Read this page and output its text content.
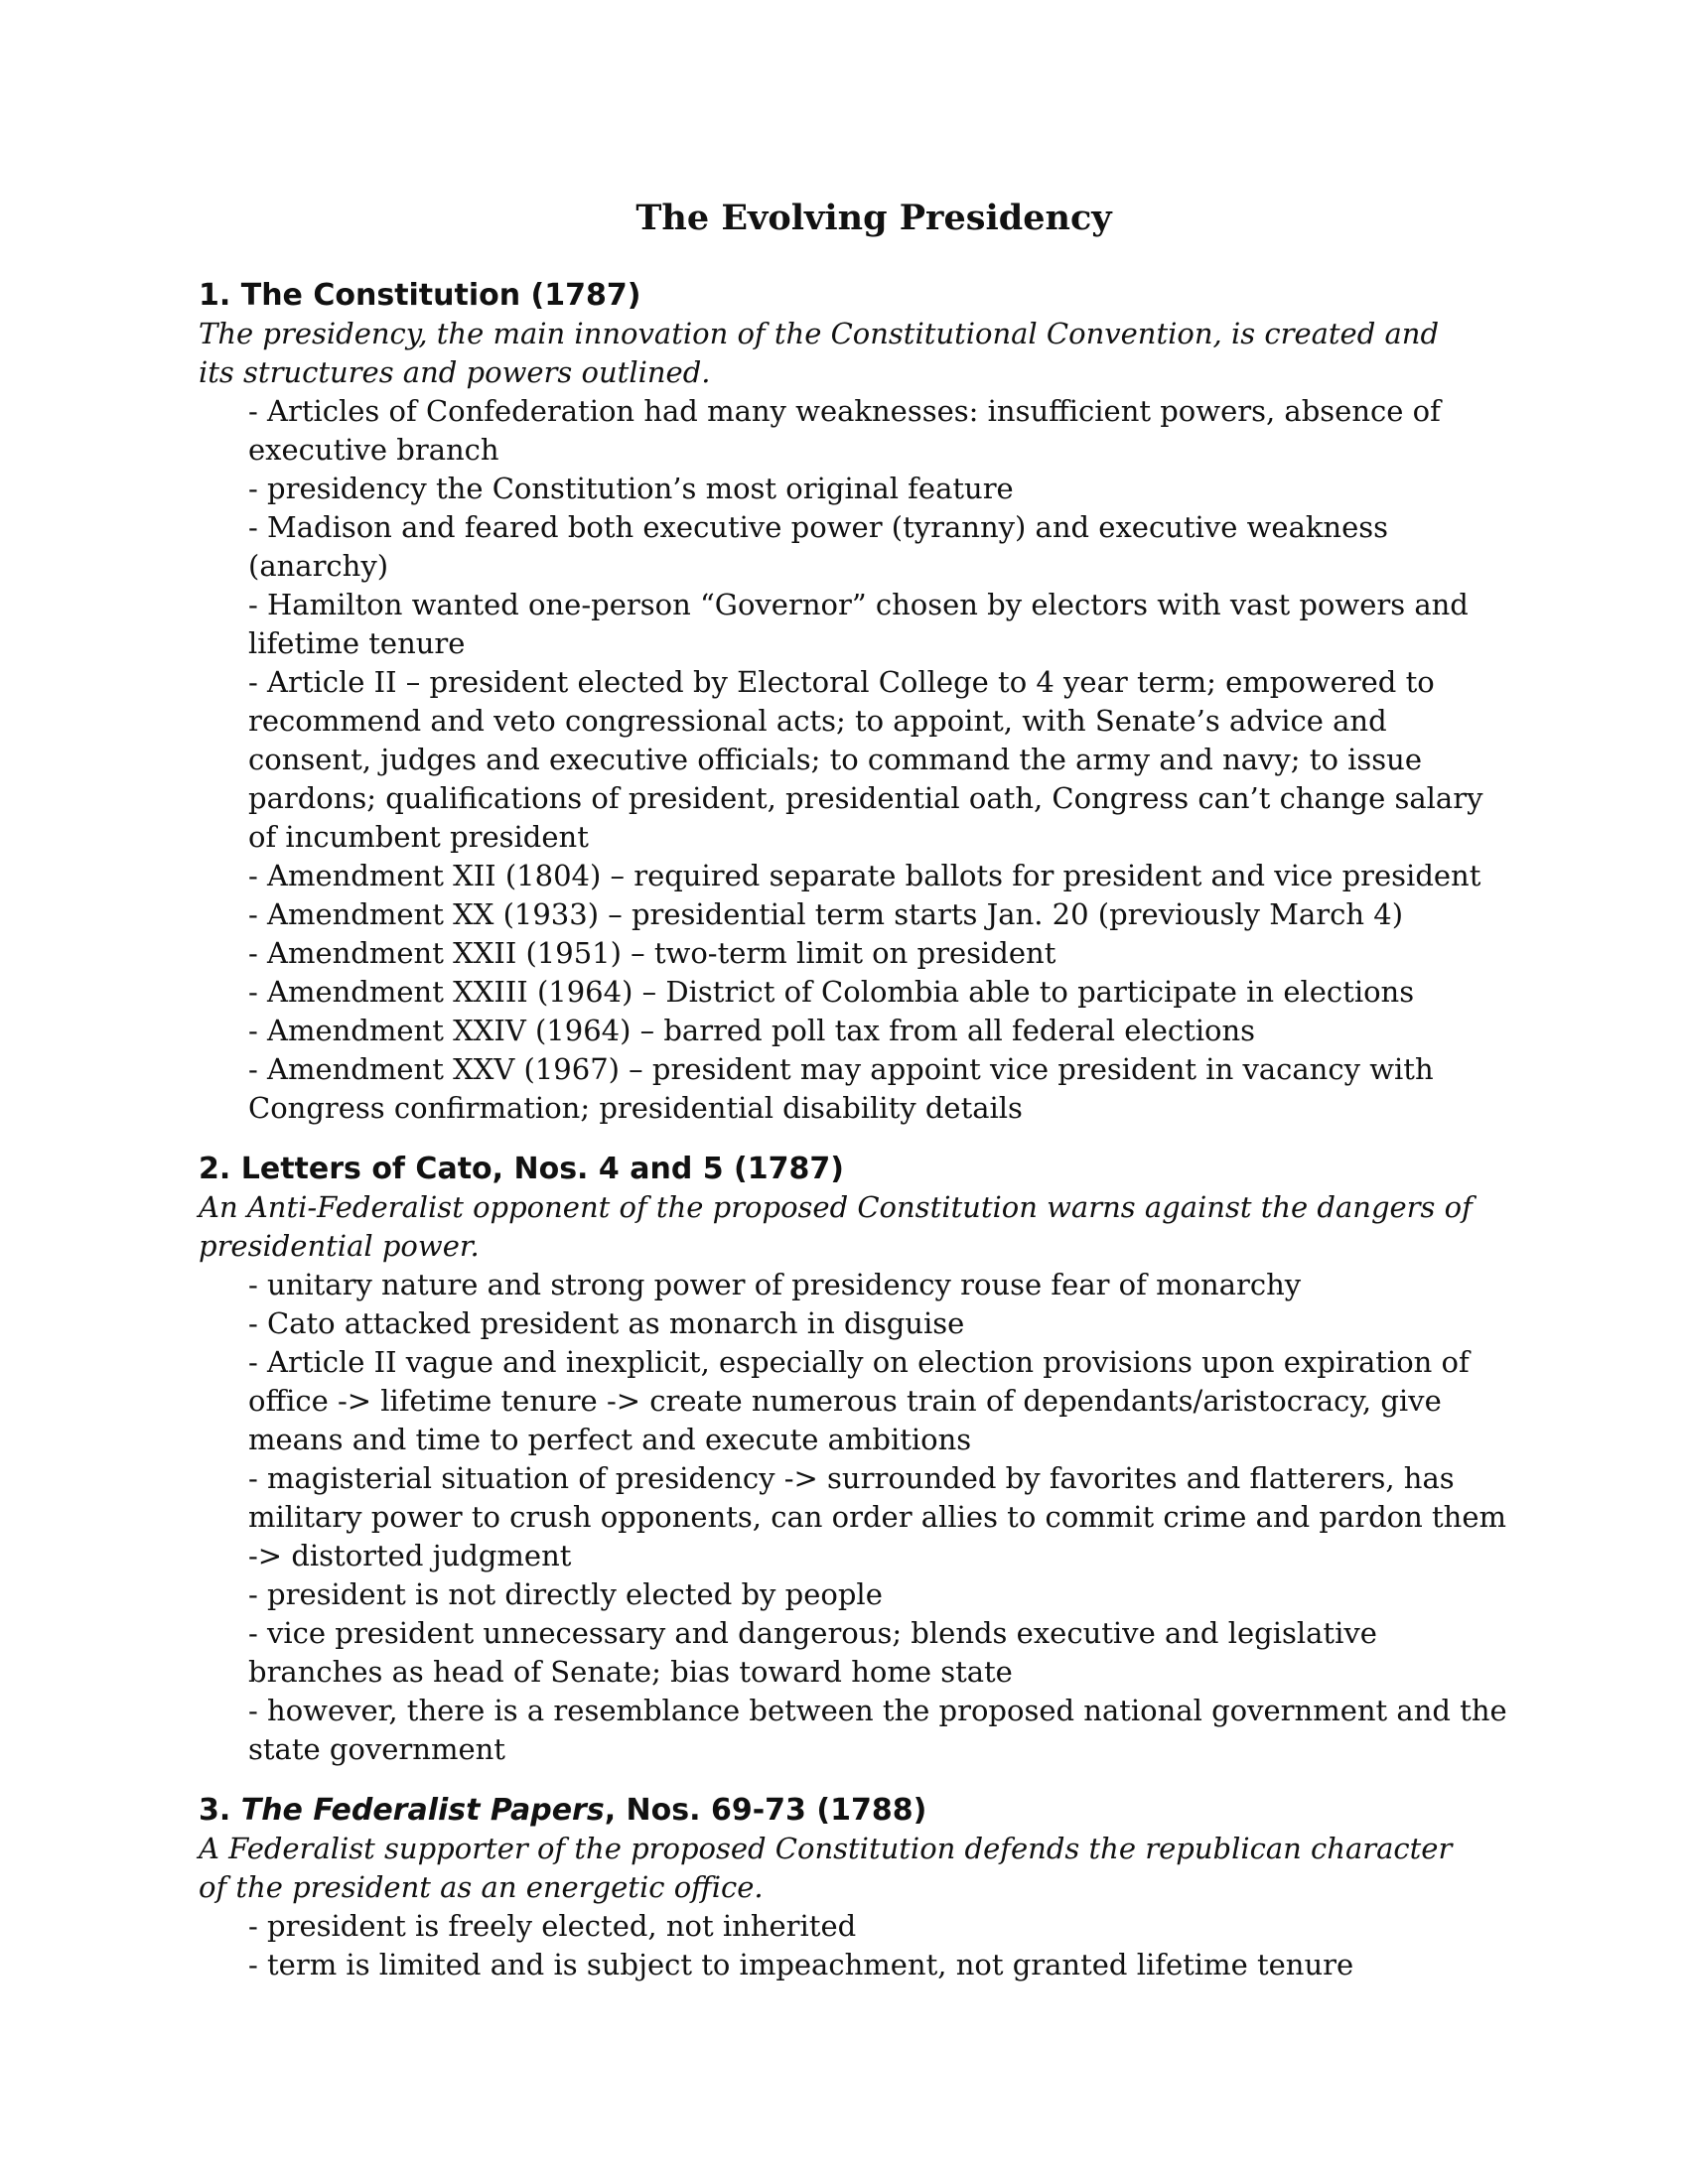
The Evolving Presidency

1. The Constitution (1787)

The presidency, the main innovation of the Constitutional Convention, is created and its structures and powers outlined.

- Articles of Confederation had many weaknesses: insufficient powers, absence of executive branch
- presidency the Constitution’s most original feature
- Madison and feared both executive power (tyranny) and executive weakness (anarchy)
- Hamilton wanted one-person “Governor” chosen by electors with vast powers and lifetime tenure
- Article II – president elected by Electoral College to 4 year term; empowered to recommend and veto congressional acts; to appoint, with Senate’s advice and consent, judges and executive officials; to command the army and navy; to issue pardons; qualifications of president, presidential oath, Congress can’t change salary of incumbent president
- Amendment XII (1804) – required separate ballots for president and vice president
- Amendment XX (1933) – presidential term starts Jan. 20 (previously March 4)
- Amendment XXII (1951) – two-term limit on president
- Amendment XXIII (1964) – District of Colombia able to participate in elections
- Amendment XXIV (1964) – barred poll tax from all federal elections
- Amendment XXV (1967) – president may appoint vice president in vacancy with Congress confirmation; presidential disability details

2. Letters of Cato, Nos. 4 and 5 (1787)

An Anti-Federalist opponent of the proposed Constitution warns against the dangers of presidential power.

- unitary nature and strong power of presidency rouse fear of monarchy
- Cato attacked president as monarch in disguise
- Article II vague and inexplicit, especially on election provisions upon expiration of office -> lifetime tenure -> create numerous train of dependants/aristocracy, give means and time to perfect and execute ambitions
- magisterial situation of presidency -> surrounded by favorites and flatterers, has military power to crush opponents, can order allies to commit crime and pardon them -> distorted judgment
- president is not directly elected by people
- vice president unnecessary and dangerous; blends executive and legislative branches as head of Senate; bias toward home state
- however, there is a resemblance between the proposed national government and the state government

3. The Federalist Papers, Nos. 69-73 (1788)

A Federalist supporter of the proposed Constitution defends the republican character of the president as an energetic office.

- president is freely elected, not inherited
- term is limited and is subject to impeachment, not granted lifetime tenure
